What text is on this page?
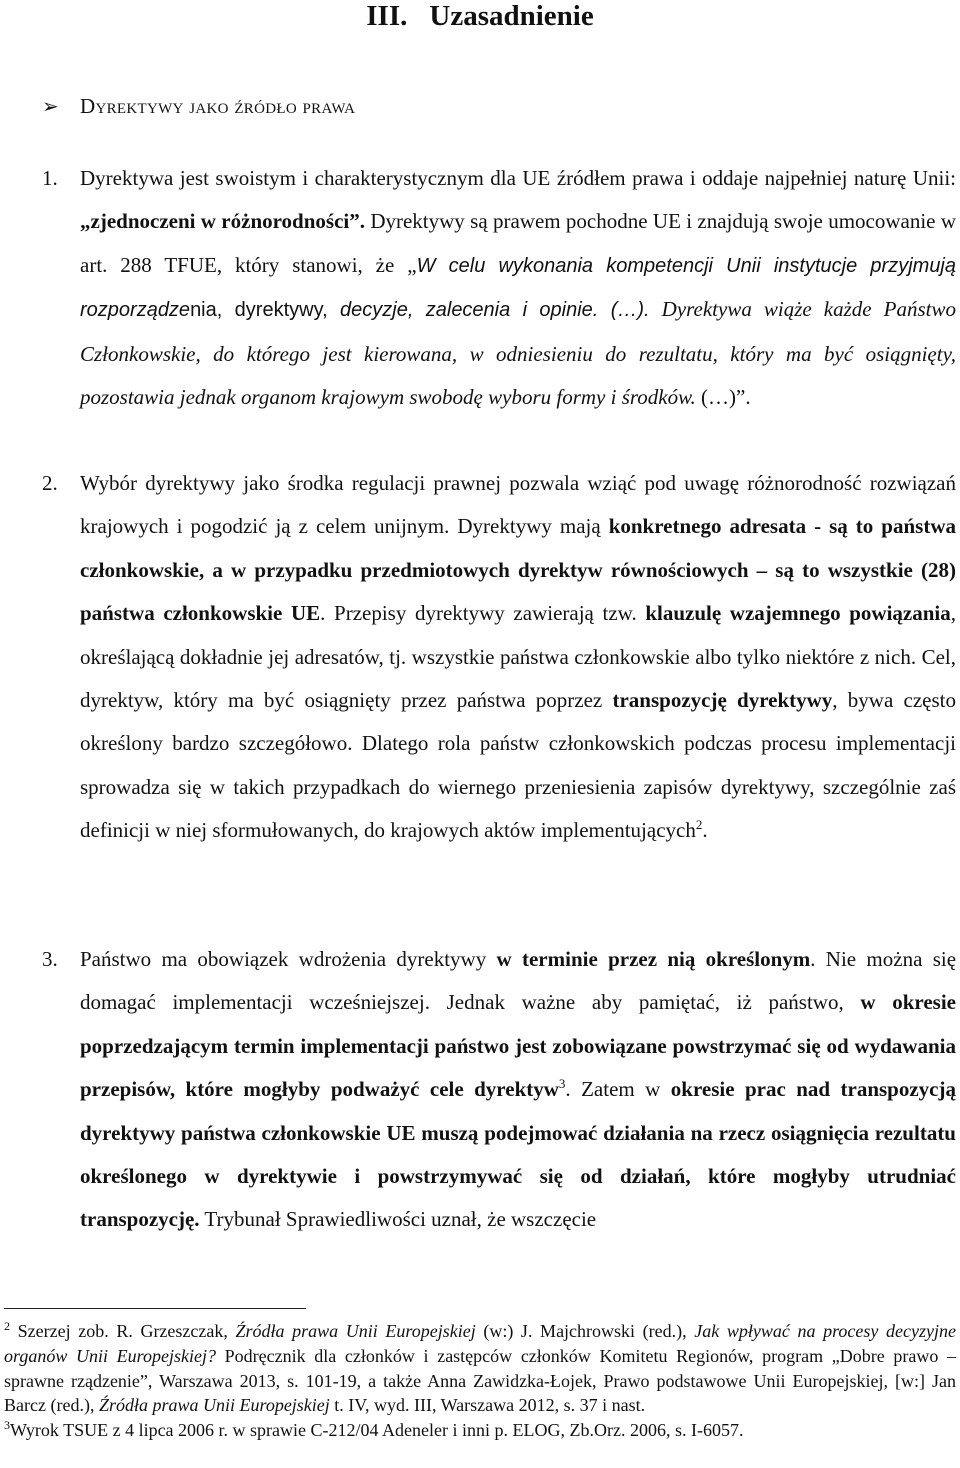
III. Uzasadnienie
➢ Dyrektywy jako źródło prawa
1. Dyrektywa jest swoistym i charakterystycznym dla UE źródłem prawa i oddaje najpełniej naturę Unii: „zjednoczeni w różnorodności”. Dyrektywy są prawem pochodne UE i znajdują swoje umocowanie w art. 288 TFUE, który stanowi, że „W celu wykonania kompetencji Unii instytucje przyjmują rozporządzenia, dyrektywy, decyzje, zalecenia i opinie. (…). Dyrektywa wiąże każde Państwo Członkowskie, do którego jest kierowana, w odniesieniu do rezultatu, który ma być osiągnięty, pozostawia jednak organom krajowym swobodę wyboru formy i środków. (…)”.
2. Wybór dyrektywy jako środka regulacji prawnej pozwala wziąć pod uwagę różnorodność rozwiązań krajowych i pogodzić ją z celem unijnym. Dyrektywy mają konkretnego adresata - są to państwa członkowskie, a w przypadku przedmiotowych dyrektyw równościowych – są to wszystkie (28) państwa członkowskie UE. Przepisy dyrektywy zawierają tzw. klauzulę wzajemnego powiązania, określającą dokładnie jej adresatów, tj. wszystkie państwa członkowskie albo tylko niektóre z nich. Cel, dyrektyw, który ma być osiągnięty przez państwa poprzez transpozycję dyrektywy, bywa często określony bardzo szczegółowo. Dlatego rola państw członkowskich podczas procesu implementacji sprowadza się w takich przypadkach do wiernego przeniesienia zapisów dyrektywy, szczególnie zaś definicji w niej sformułowanych, do krajowych aktów implementujących$^2$.
3. Państwo ma obowiązek wdrożenia dyrektywy w terminie przez nią określonym. Nie można się domagać implementacji wcześniejszej. Jednak ważne aby pamiętać, iż państwo, w okresie poprzedzającym termin implementacji państwo jest zobowiązane powstrzymać się od wydawania przepisów, które mogłyby podważyć cele dyrektyw$^3$. Zatem w okresie prac nad transpozycją dyrektywy państwa członkowskie UE muszą podejmować działania na rzecz osiągnięcia rezultatu określonego w dyrektywie i powstrzymywać się od działań, które mogłyby utrudniać transpozycję. Trybunał Sprawiedliwości uznał, że wszczęcie

$^2$ Szerzej zob. R. Grzeszczak, Źródła prawa Unii Europejskiej (w:) J. Majchrowski (red.), Jak wpływać na procesy decyzyjne organów Unii Europejskiej? Podręcznik dla członków i zastępców członków Komitetu Regionów, program „Dobre prawo – sprawne rządzenie”, Warszawa 2013, s. 101-19, a także Anna Zawidzka-Łojek, Prawo podstawowe Unii Europejskiej, [w:] Jan Barcz (red.), Źródła prawa Unii Europejskiej t. IV, wyd. III, Warszawa 2012, s. 37 i nast.

$^3$Wyrok TSUE z 4 lipca 2006 r. w sprawie C-212/04 Adeneler i inni p. ELOG, Zb.Orz. 2006, s. I-6057.
